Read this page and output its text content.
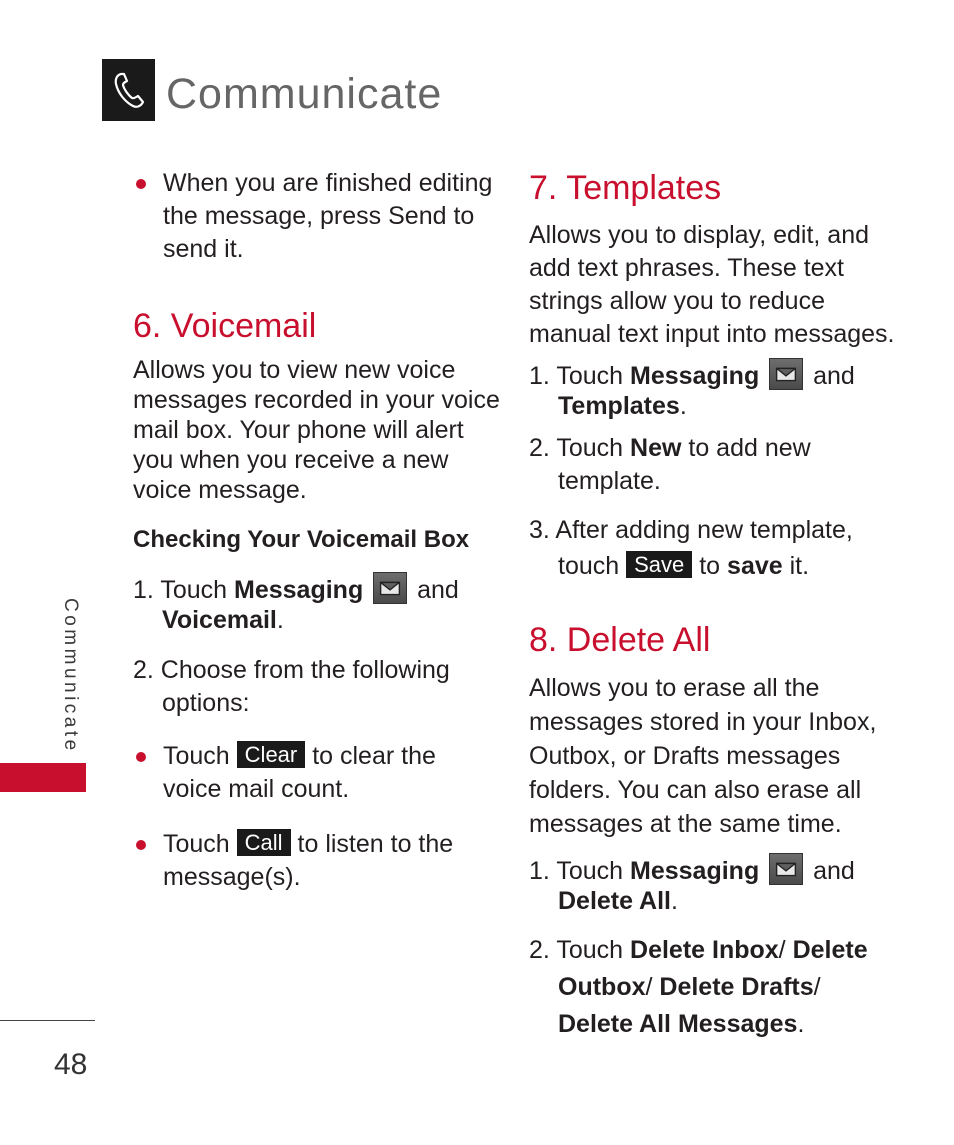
Communicate
Communicate
48
When you are finished editing
the message, press Send to
send it.
6. Voicemail
Allows you to view new voice
messages recorded in your voice
mail box. Your phone will alert
you when you receive a new
voice message.
Checking Your Voicemail Box
1. Touch Messaging and
Voicemail.
2. Choose from the following
options:
Touch Clear to clear the
voice mail count.
Touch Call to listen to the
message(s).
7. Templates
Allows you to display, edit, and
add text phrases. These text
strings allow you to reduce
manual text input into messages.
1. Touch Messaging and
Templates.
2. Touch New to add new
template.
3. After adding new template,
touch Save to save it.
8. Delete All
Allows you to erase all the
messages stored in your Inbox,
Outbox, or Drafts messages
folders. You can also erase all
messages at the same time.
1. Touch Messaging and
Delete All.
2. Touch Delete Inbox/ Delete
Outbox/ Delete Drafts/
Delete All Messages.
